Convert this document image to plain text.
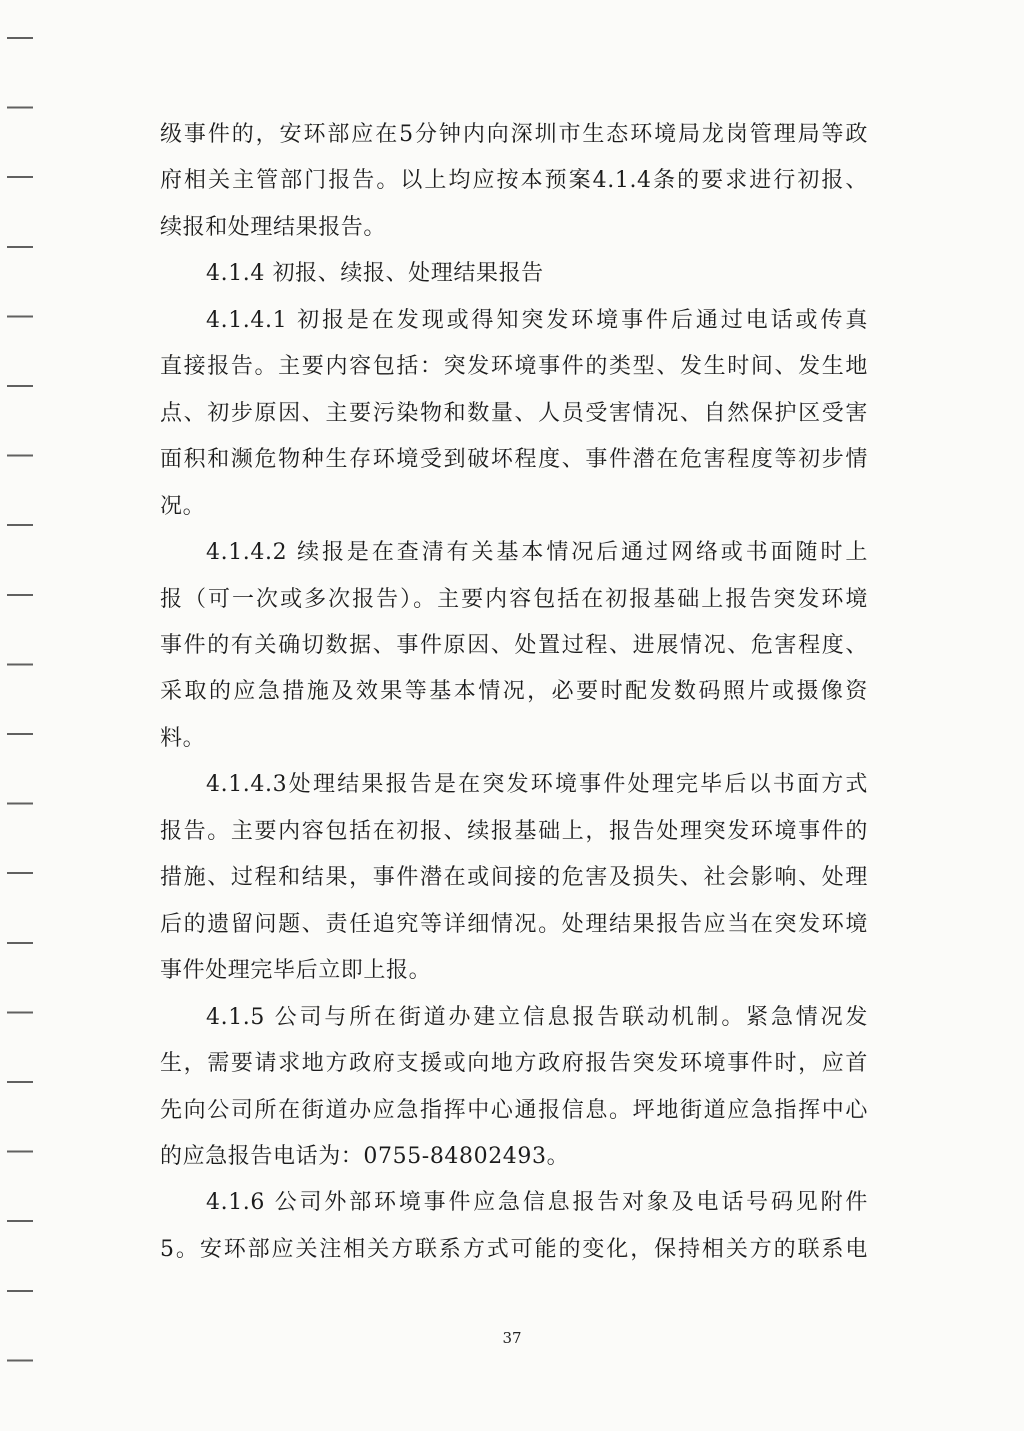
级事件的，安环部应在5分钟内向深圳市生态环境局龙岗管理局等政
府相关主管部门报告。以上均应按本预案4.1.4条的要求进行初报、
续报和处理结果报告。
4.1.4 初报、续报、处理结果报告
4.1.4.1 初报是在发现或得知突发环境事件后通过电话或传真
直接报告。主要内容包括：突发环境事件的类型、发生时间、发生地
点、初步原因、主要污染物和数量、人员受害情况、自然保护区受害
面积和濒危物种生存环境受到破坏程度、事件潜在危害程度等初步情
况。
4.1.4.2 续报是在查清有关基本情况后通过网络或书面随时上
报（可一次或多次报告）。主要内容包括在初报基础上报告突发环境
事件的有关确切数据、事件原因、处置过程、进展情况、危害程度、
采取的应急措施及效果等基本情况，必要时配发数码照片或摄像资
料。
4.1.4.3处理结果报告是在突发环境事件处理完毕后以书面方式
报告。主要内容包括在初报、续报基础上，报告处理突发环境事件的
措施、过程和结果，事件潜在或间接的危害及损失、社会影响、处理
后的遗留问题、责任追究等详细情况。处理结果报告应当在突发环境
事件处理完毕后立即上报。
4.1.5 公司与所在街道办建立信息报告联动机制。紧急情况发
生，需要请求地方政府支援或向地方政府报告突发环境事件时，应首
先向公司所在街道办应急指挥中心通报信息。坪地街道应急指挥中心
的应急报告电话为：0755-84802493。
4.1.6 公司外部环境事件应急信息报告对象及电话号码见附件
5。安环部应关注相关方联系方式可能的变化，保持相关方的联系电
37
